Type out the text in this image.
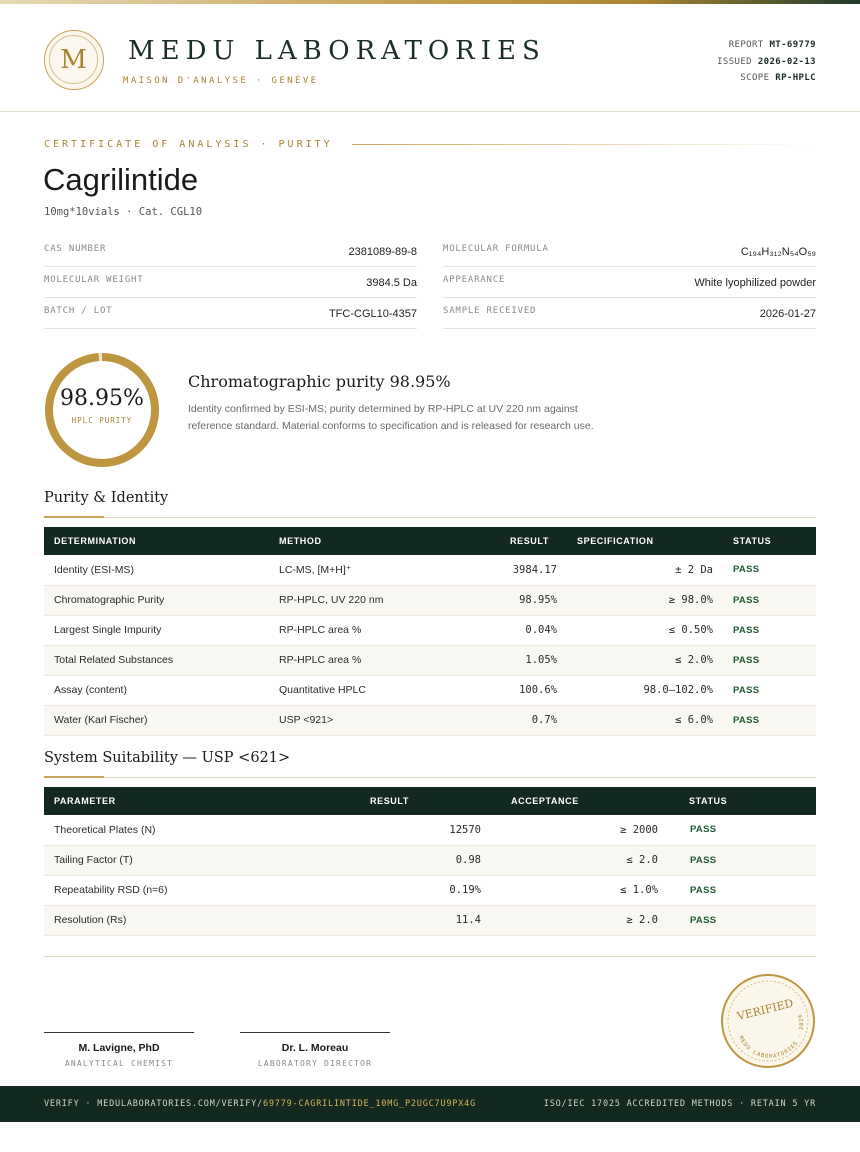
M	MEDU LABORATORIES
MAISON D'ANALYSE · GENÈVE
REPORT MT-69779
ISSUED 2026-02-13
SCOPE RP-HPLC
CERTIFICATE OF ANALYSIS · PURITY
Cagrilintide
10mg*10vials · Cat. CGL10
CAS NUMBER	2381089-89-8	MOLECULAR FORMULA	C₁₉₄H₃₁₂N₅₄O₅₉
MOLECULAR WEIGHT	3984.5 Da	APPEARANCE	White lyophilized powder
BATCH / LOT	TFC-CGL10-4357	SAMPLE RECEIVED	2026-01-27
98.95%
HPLC PURITY
Chromatographic purity 98.95%
Identity confirmed by ESI-MS; purity determined by RP-HPLC at UV 220 nm against reference standard. Material conforms to specification and is released for research use.
Purity & Identity
DETERMINATION	METHOD	RESULT	SPECIFICATION	STATUS
Identity (ESI-MS)	LC-MS, [M+H]⁺	3984.17	± 2 Da	PASS
Chromatographic Purity	RP-HPLC, UV 220 nm	98.95%	≥ 98.0%	PASS
Largest Single Impurity	RP-HPLC area %	0.04%	≤ 0.50%	PASS
Total Related Substances	RP-HPLC area %	1.05%	≤ 2.0%	PASS
Assay (content)	Quantitative HPLC	100.6%	98.0–102.0%	PASS
Water (Karl Fischer)	USP <921>	0.7%	≤ 6.0%	PASS
System Suitability — USP <621>
PARAMETER	RESULT	ACCEPTANCE	STATUS
Theoretical Plates (N)	12570	≥ 2000	PASS
Tailing Factor (T)	0.98	≤ 2.0	PASS
Repeatability RSD (n=6)	0.19%	≤ 1.0%	PASS
Resolution (Rs)	11.4	≥ 2.0	PASS
M. Lavigne, PhD
ANALYTICAL CHEMIST
Dr. L. Moreau
LABORATORY DIRECTOR
VERIFIED
MEDU LABORATORIES · 2026
VERIFY · MEDULABORATORIES.COM/VERIFY/69779-CAGRILINTIDE_10MG_P2UGC7U9PX4G	ISO/IEC 17025 ACCREDITED METHODS · RETAIN 5 YR
